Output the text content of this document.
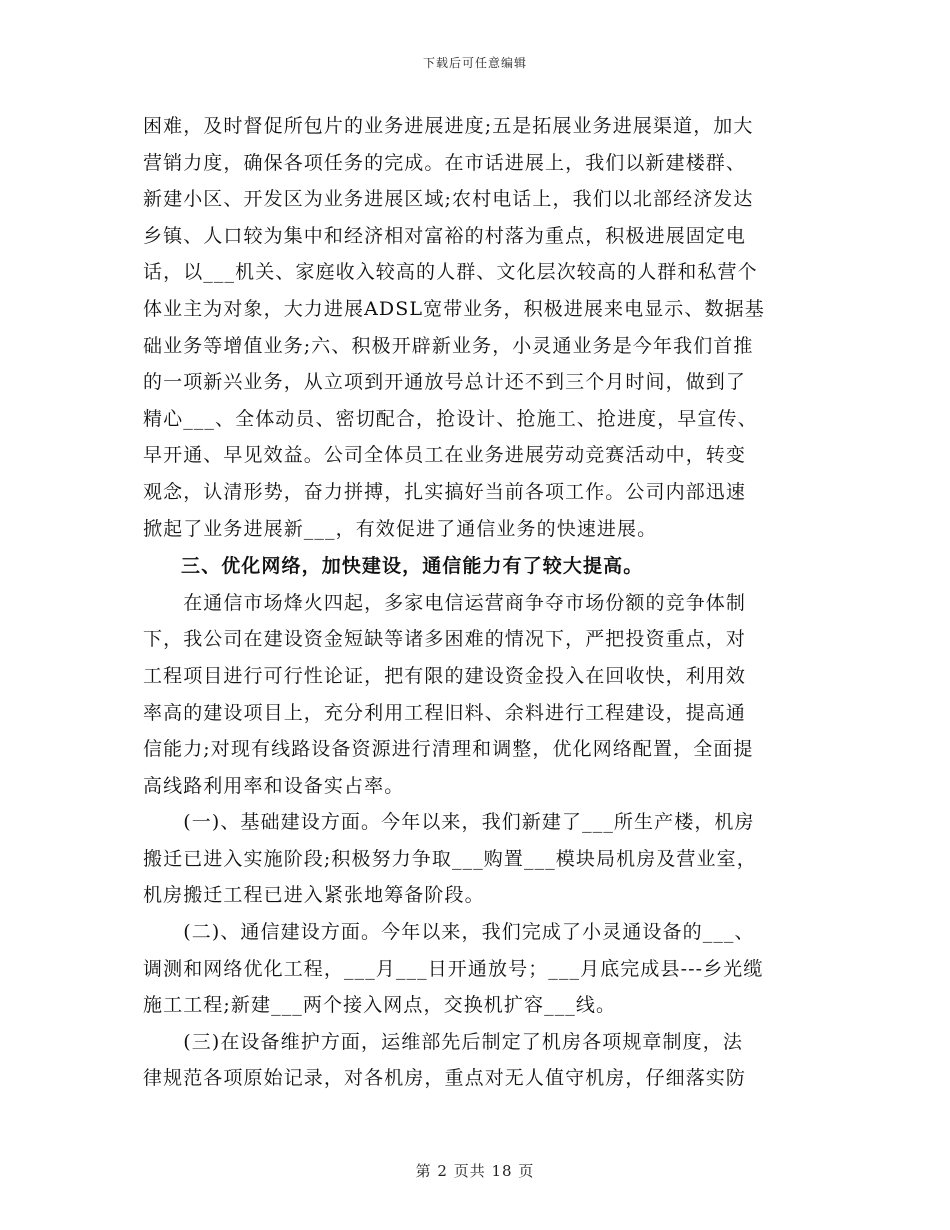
下载后可任意编辑

困难，及时督促所包片的业务进展进度;五是拓展业务进展渠道，加大

营销力度，确保各项任务的完成。在市话进展上，我们以新建楼群、

新建小区、开发区为业务进展区域;农村电话上，我们以北部经济发达

乡镇、人口较为集中和经济相对富裕的村落为重点，积极进展固定电

话，以___机关、家庭收入较高的人群、文化层次较高的人群和私营个

体业主为对象，大力进展ADSL宽带业务，积极进展来电显示、数据基

础业务等增值业务;六、积极开辟新业务，小灵通业务是今年我们首推

的一项新兴业务，从立项到开通放号总计还不到三个月时间，做到了

精心___、全体动员、密切配合，抢设计、抢施工、抢进度，早宣传、

早开通、早见效益。公司全体员工在业务进展劳动竞赛活动中，转变

观念，认清形势，奋力拼搏，扎实搞好当前各项工作。公司内部迅速

掀起了业务进展新___，有效促进了通信业务的快速进展。

三、优化网络，加快建设，通信能力有了较大提高。

　　在通信市场烽火四起，多家电信运营商争夺市场份额的竞争体制

下，我公司在建设资金短缺等诸多困难的情况下，严把投资重点，对

工程项目进行可行性论证，把有限的建设资金投入在回收快，利用效

率高的建设项目上，充分利用工程旧料、余料进行工程建设，提高通

信能力;对现有线路设备资源进行清理和调整，优化网络配置，全面提

高线路利用率和设备实占率。

　　(一)、基础建设方面。今年以来，我们新建了___所生产楼，机房

搬迁已进入实施阶段;积极努力争取___购置___模块局机房及营业室，

机房搬迁工程已进入紧张地筹备阶段。

　　(二)、通信建设方面。今年以来，我们完成了小灵通设备的___、

调测和网络优化工程，___月___日开通放号；___月底完成县---乡光缆

施工工程;新建___两个接入网点，交换机扩容___线。

　　(三)在设备维护方面，运维部先后制定了机房各项规章制度，法

律规范各项原始记录，对各机房，重点对无人值守机房，仔细落实防

第 2 页共 18 页
